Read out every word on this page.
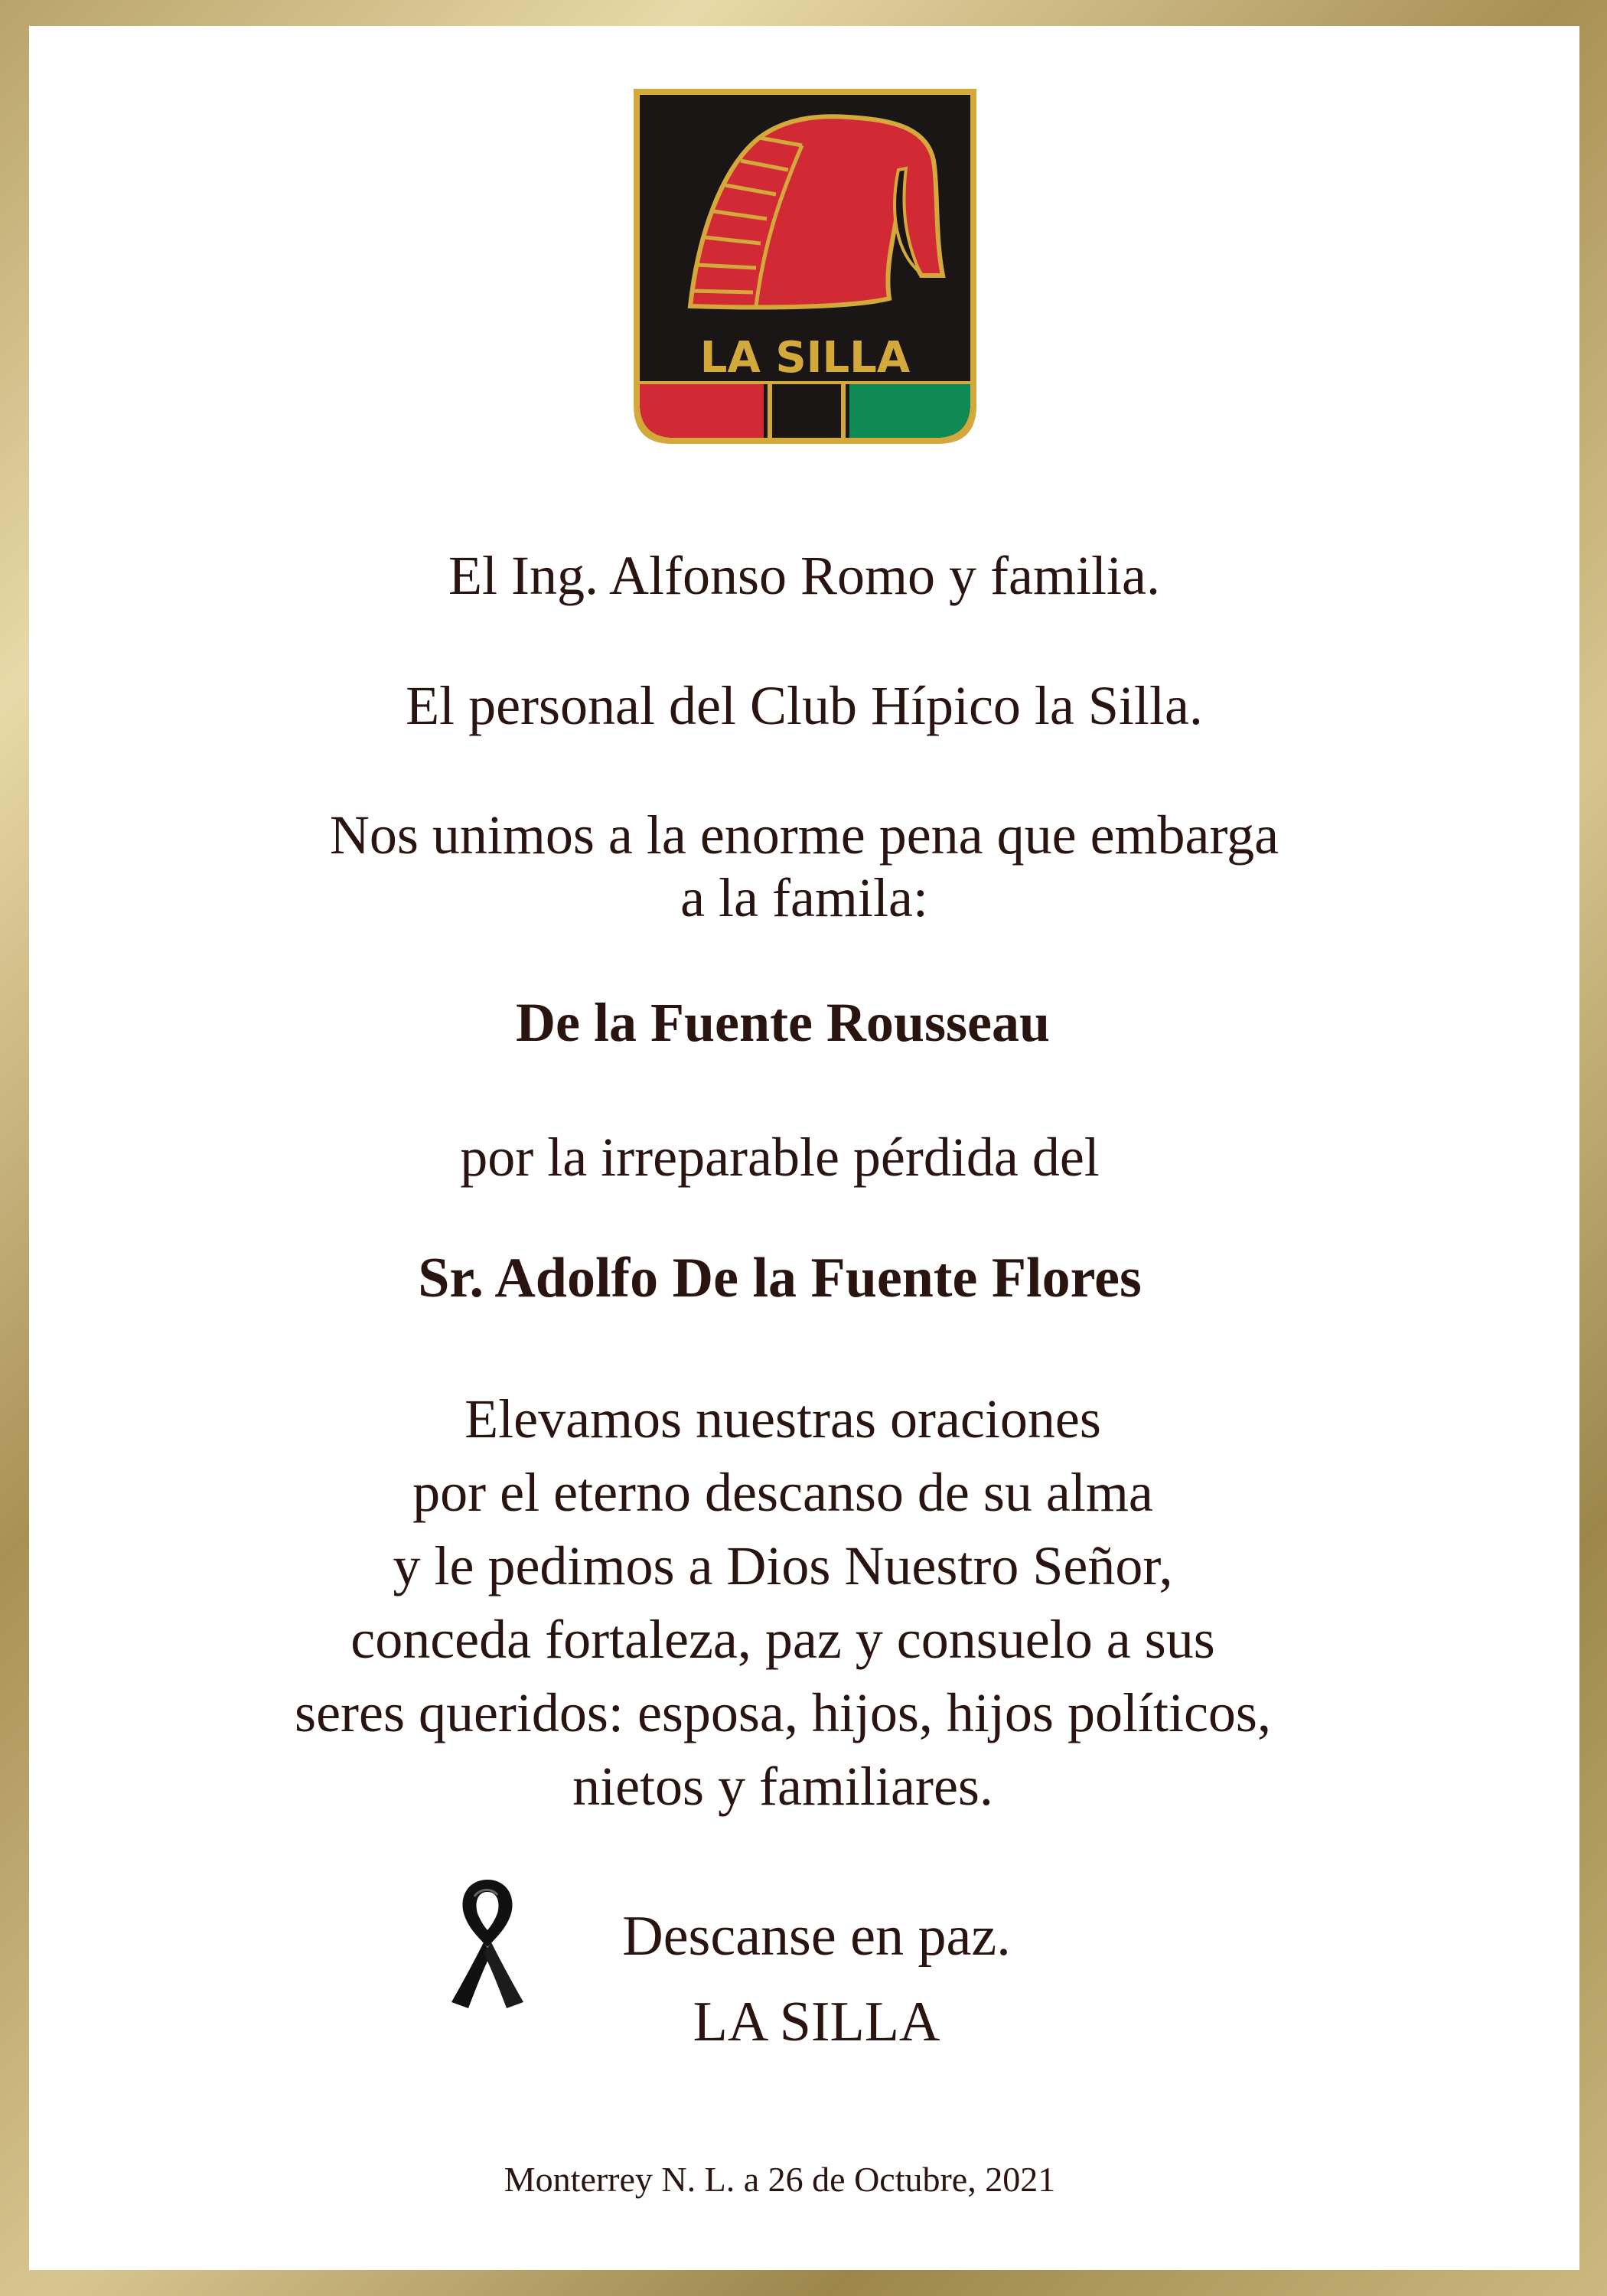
LA SILLA
El Ing. Alfonso Romo y familia.
El personal del Club Hípico la Silla.
Nos unimos a la enorme pena que embarga
a la famila:
De la Fuente Rousseau
por la irreparable pérdida del
Sr. Adolfo De la Fuente Flores
Elevamos nuestras oraciones
por el eterno descanso de su alma
y le pedimos a Dios Nuestro Señor,
conceda fortaleza, paz y consuelo a sus
seres queridos: esposa, hijos, hijos políticos,
nietos y familiares.
Descanse en paz.
LA SILLA
Monterrey N. L. a 26 de Octubre, 2021
